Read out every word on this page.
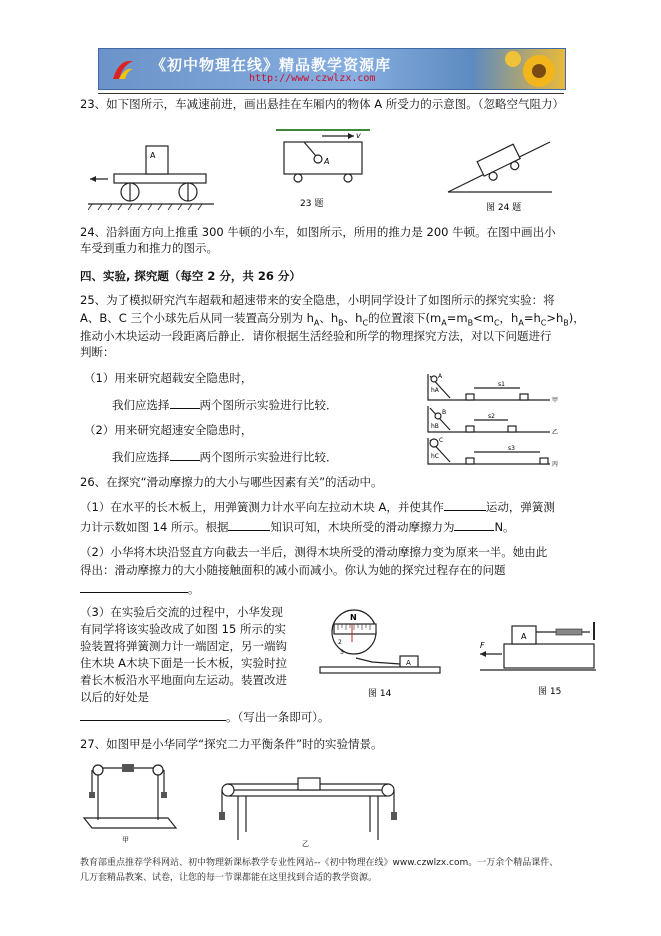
《初中物理在线》精品教学资源库
http://www.czwlzx.com
23、如下图所示，车减速前进，画出悬挂在车厢内的物体 A 所受力的示意图。（忽略空气阻力）
A
v
A
23 题	图 24 题
24、沿斜面方向上推重 300 牛顿的小车，如图所示，所用的推力是 200 牛顿。在图中画出小
车受到重力和推力的图示。
四、实验, 探究题（每空 2 分，共 26 分）
25、为了模拟研究汽车超载和超速带来的安全隐患，小明同学设计了如图所示的探究实验：将
A、B、C 三个小球先后从同一装置高分别为 $h_A$、$h_B$、$h_C$的位置滚下($m_A=m_B<m_C$，$h_A=h_C>h_B$)，
推动小木块运动一段距离后静止．请你根据生活经验和所学的物理探究方法，对以下问题进行
判断：
（1）用来研究超载安全隐患时，
我们应选择	两个图所示实验进行比较．
（2）用来研究超速安全隐患时，
我们应选择	两个图所示实验进行比较．
A
hA
s1
甲
B
hB
s2
乙
C
hC
s3
丙
26、在探究“滑动摩擦力的大小与哪些因素有关”的活动中。
（1）在水平的长木板上，用弹簧测力计水平向左拉动木块 A，并使其作	运动，弹簧测
力计示数如图 14 所示。根据	知识可知，木块所受的滑动摩擦力为	N。
（2）小华将木块沿竖直方向截去一半后，测得木块所受的滑动摩擦力变为原来一半。她由此
得出：滑动摩擦力的大小随接触面积的减小而减小。你认为她的探究过程存在的问题
。
（3）在实验后交流的过程中，小华发现
有同学将该实验改成了如图 15 所示的实
验装置将弹簧测力计一端固定，另一端钩
住木块 A木块下面是一长木板，实验时拉
着长木板沿水平地面向左运动。装置改进
以后的好处是
。（写出一条即可）。
N
2
3
A
图 14
A
F
图 15
27、如图甲是小华同学“探究二力平衡条件”时的实验情景。
甲	乙
教育部重点推荐学科网站、初中物理新课标教学专业性网站--《初中物理在线》www.czwlzx.com。一万余个精品课件、
几万套精品教案、试卷，让您的每一节课都能在这里找到合适的教学资源。
